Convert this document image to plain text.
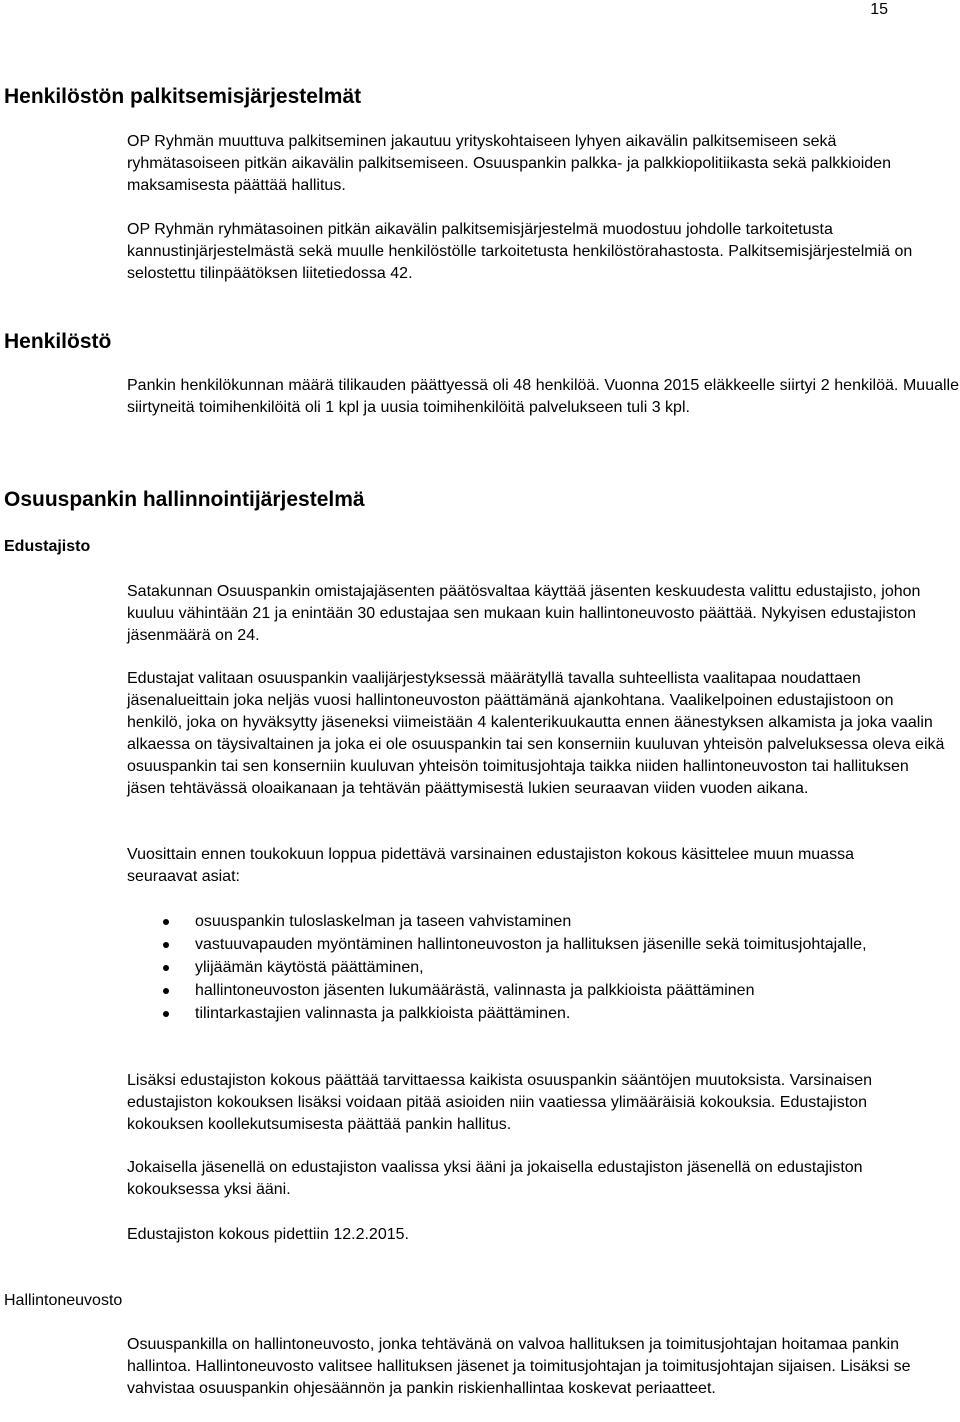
15
Henkilöstön palkitsemisjärjestelmät

OP Ryhmän muuttuva palkitseminen jakautuu yrityskohtaiseen lyhyen aikavälin palkitsemiseen sekä ryhmätasoiseen pitkän aikavälin palkitsemiseen. Osuuspankin palkka- ja palkkiopolitiikasta sekä palkkioiden maksamisesta päättää hallitus.

OP Ryhmän ryhmätasoinen pitkän aikavälin palkitsemisjärjestelmä muodostuu johdolle tarkoitetusta kannustinjärjestelmästä sekä muulle henkilöstölle tarkoitetusta henkilöstörahastosta. Palkitsemisjärjestelmiä on selostettu tilinpäätöksen liitetiedossa 42.

Henkilöstö

Pankin henkilökunnan määrä tilikauden päättyessä oli 48 henkilöä. Vuonna 2015 eläkkeelle siirtyi 2 henkilöä. Muualle siirtyneitä toimihenkilöitä oli 1 kpl ja uusia toimihenkilöitä palvelukseen tuli 3 kpl.

Osuuspankin hallinnointijärjestelmä
Edustajisto

Satakunnan Osuuspankin omistajajäsenten päätösvaltaa käyttää jäsenten keskuudesta valittu edustajisto, johon kuuluu vähintään 21 ja enintään 30 edustajaa sen mukaan kuin hallintoneuvosto päättää. Nykyisen edustajiston jäsenmäärä on 24.

Edustajat valitaan osuuspankin vaalijärjestyksessä määrätyllä tavalla suhteellista vaalitapaa noudattaen jäsenalueittain joka neljäs vuosi hallintoneuvoston päättämänä ajankohtana. Vaalikelpoinen edustajistoon on henkilö, joka on hyväksytty jäseneksi viimeistään 4 kalenterikuukautta ennen äänestyksen alkamista ja joka vaalin alkaessa on täysivaltainen ja joka ei ole osuuspankin tai sen konserniin kuuluvan yhteisön palveluksessa oleva eikä osuuspankin tai sen konserniin kuuluvan yhteisön toimitusjohtaja taikka niiden hallintoneuvoston tai hallituksen jäsen tehtävässä oloaikanaan ja tehtävän päättymisestä lukien seuraavan viiden vuoden aikana.

Vuosittain ennen toukokuun loppua pidettävä varsinainen edustajiston kokous käsittelee muun muassa seuraavat asiat:

osuuspankin tuloslaskelman ja taseen vahvistaminen
vastuuvapauden myöntäminen hallintoneuvoston ja hallituksen jäsenille sekä toimitusjohtajalle,
ylijäämän käytöstä päättäminen,
hallintoneuvoston jäsenten lukumäärästä, valinnasta ja palkkioista päättäminen
tilintarkastajien valinnasta ja palkkioista päättäminen.

Lisäksi edustajiston kokous päättää tarvittaessa kaikista osuuspankin sääntöjen muutoksista. Varsinaisen edustajiston kokouksen lisäksi voidaan pitää asioiden niin vaatiessa ylimääräisiä kokouksia. Edustajiston kokouksen koollekutsumisesta päättää pankin hallitus.

Jokaisella jäsenellä on edustajiston vaalissa yksi ääni ja jokaisella edustajiston jäsenellä on edustajiston kokouksessa yksi ääni.

Edustajiston kokous pidettiin 12.2.2015.

Hallintoneuvosto

Osuuspankilla on hallintoneuvosto, jonka tehtävänä on valvoa hallituksen ja toimitusjohtajan hoitamaa pankin hallintoa. Hallintoneuvosto valitsee hallituksen jäsenet ja toimitusjohtajan ja toimitusjohtajan sijaisen. Lisäksi se vahvistaa osuuspankin ohjesäännön ja pankin riskienhallintaa koskevat periaatteet.
